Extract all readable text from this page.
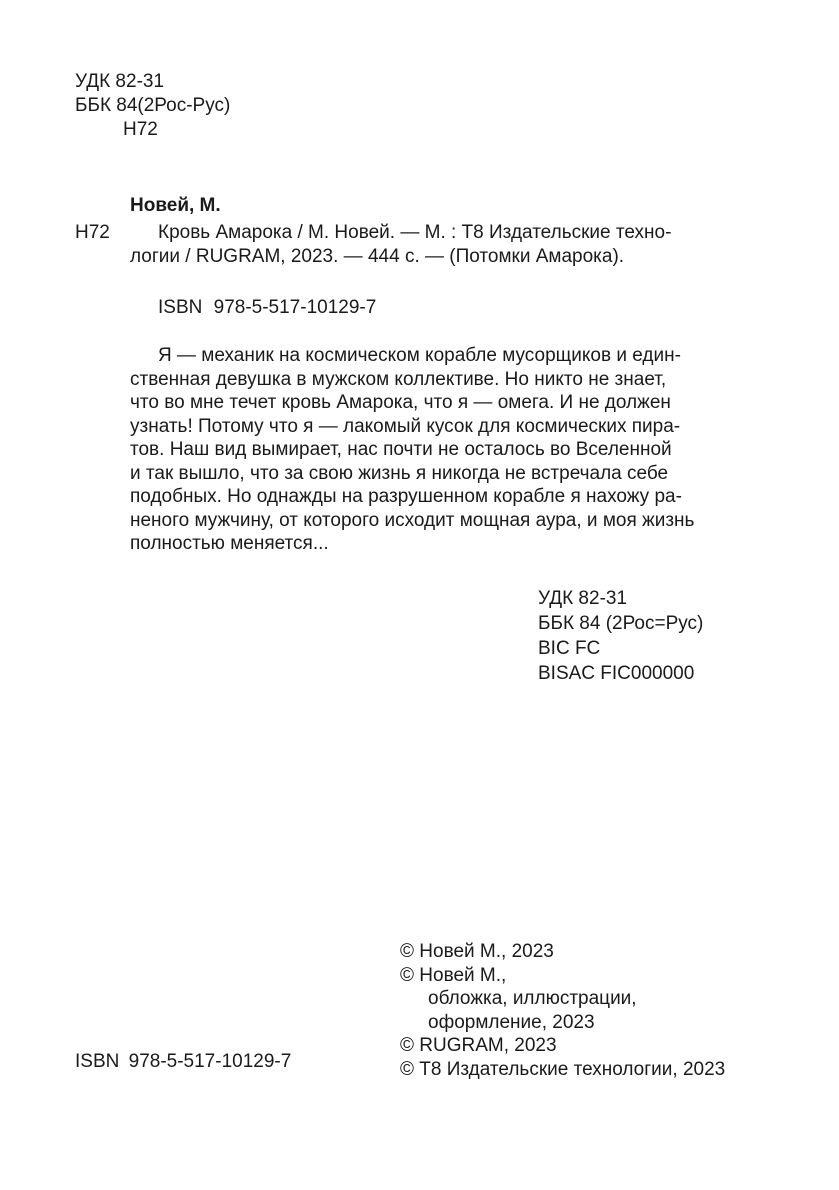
УДК 82-31
ББК 84(2Рос-Рус)
Н72
Новей, М.
Н72	Кровь Амарока / М. Новей. — М. : Т8 Издательские техно-
логии / RUGRAM, 2023. — 444 с. — (Потомки Амарока).
ISBN 978-5-517-10129-7
Я — механик на космическом корабле мусорщиков и един-
ственная девушка в мужском коллективе. Но никто не знает,
что во мне течет кровь Амарока, что я — омега. И не должен
узнать! Потому что я — лакомый кусок для космических пира-
тов. Наш вид вымирает, нас почти не осталось во Вселенной
и так вышло, что за свою жизнь я никогда не встречала себе
подобных. Но однажды на разрушенном корабле я нахожу ра-
неного мужчину, от которого исходит мощная аура, и моя жизнь
полностью меняется...
УДК 82-31
ББК 84 (2Рос=Рус)
BIC FC
BISAC FIC000000
© Новей М., 2023
© Новей М.,
обложка, иллюстрации,
оформление, 2023
© RUGRAM, 2023
© Т8 Издательские технологии, 2023
ISBN 978-5-517-10129-7
